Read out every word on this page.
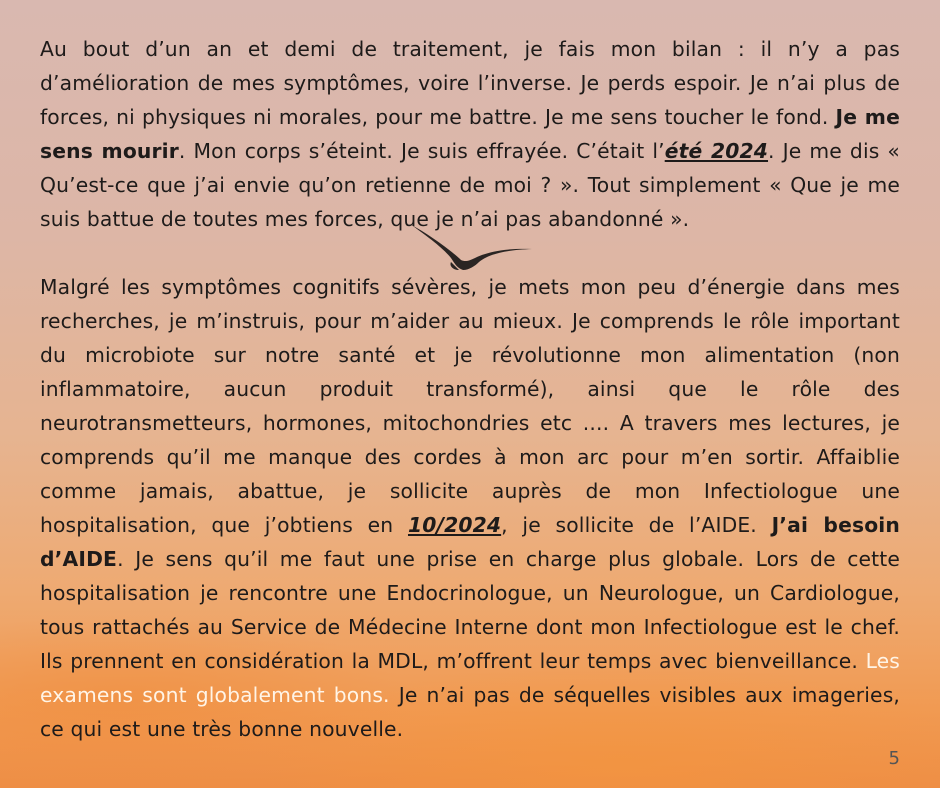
Au bout d’un an et demi de traitement, je fais mon bilan : il n’y a pas d’amélioration de mes symptômes, voire l’inverse. Je perds espoir. Je n’ai plus de forces, ni physiques ni morales, pour me battre. Je me sens toucher le fond. Je me sens mourir. Mon corps s’éteint. Je suis effrayée. C’était l’été 2024. Je me dis « Qu’est-ce que j’ai envie qu’on retienne de moi ? ». Tout simplement « Que je me suis battue de toutes mes forces, que je n’ai pas abandonné ».

Malgré les symptômes cognitifs sévères, je mets mon peu d’énergie dans mes recherches, je m’instruis, pour m’aider au mieux. Je comprends le rôle important du microbiote sur notre santé et je révolutionne mon alimentation (non inflammatoire, aucun produit transformé), ainsi que le rôle des neurotransmetteurs, hormones, mitochondries etc .... A travers mes lectures, je comprends qu’il me manque des cordes à mon arc pour m’en sortir. Affaiblie comme jamais, abattue, je sollicite auprès de mon Infectiologue une hospitalisation, que j’obtiens en 10/2024, je sollicite de l’AIDE. J’ai besoin d’AIDE. Je sens qu’il me faut une prise en charge plus globale. Lors de cette hospitalisation je rencontre une Endocrinologue, un Neurologue, un Cardiologue, tous rattachés au Service de Médecine Interne dont mon Infectiologue est le chef. Ils prennent en considération la MDL, m’offrent leur temps avec bienveillance. Les examens sont globalement bons. Je n’ai pas de séquelles visibles aux imageries, ce qui est une très bonne nouvelle.

5
